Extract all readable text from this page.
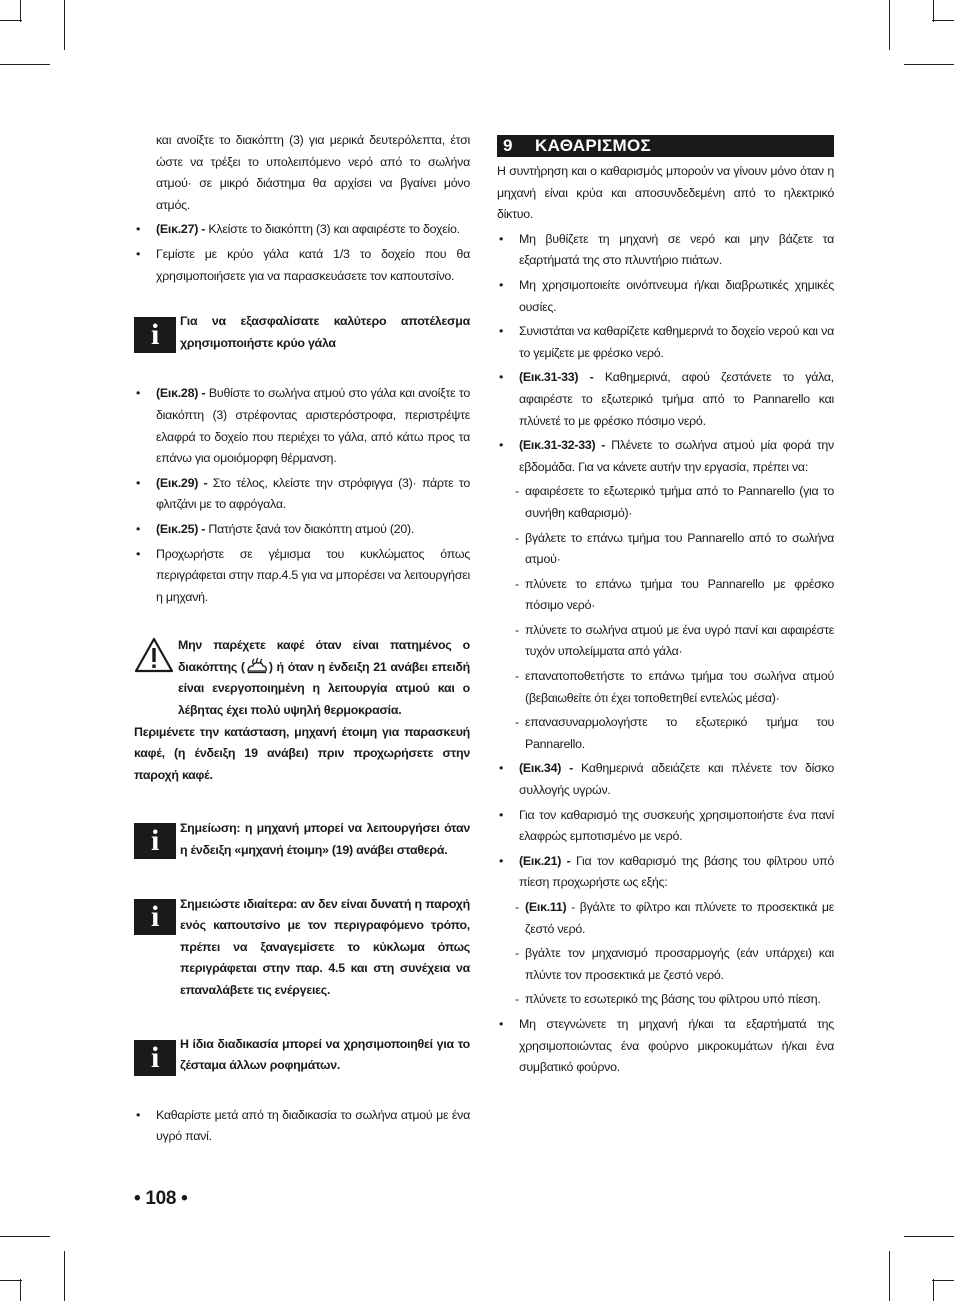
και ανοίξτε το διακόπτη (3) για μερικά δευτερόλεπτα, έτσι ώστε να τρέξει το υπολειπόμενο νερό από το σωλήνα ατμού· σε μικρό διάστημα θα αρχίσει να βγαίνει μόνο ατμός.

• (Εικ.27) - Κλείστε το διακόπτη (3) και αφαιρέστε το δοχείο.
• Γεμίστε με κρύο γάλα κατά 1/3 το δοχείο που θα χρησιμοποιήσετε για να παρασκευάσετε τον καπουτσίνο.
i	Για να εξασφαλίσατε καλύτερο αποτέλεσμα χρησιμοποιήστε κρύο γάλα
• (Εικ.28) - Βυθίστε το σωλήνα ατμού στο γάλα και ανοίξτε το διακόπτη (3) στρέφοντας αριστερόστροφα, περιστρέψτε ελαφρά το δοχείο που περιέχει το γάλα, από κάτω προς τα επάνω για ομοιόμορφη θέρμανση.
• (Εικ.29) - Στο τέλος, κλείστε την στρόφιγγα (3)· πάρτε το φλιτζάνι με το αφρόγαλα.
• (Εικ.25) - Πατήστε ξανά τον διακόπτη ατμού (20).
• Προχωρήστε σε γέμισμα του κυκλώματος όπως περιγράφεται στην παρ.4.5 για να μπορέσει να λειτουργήσει η μηχανή.
Μην παρέχετε καφέ όταν είναι πατημένος ο διακόπτης ( ) ή όταν η ένδειξη 21 ανάβει επειδή είναι ενεργοποιημένη η λειτουργία ατμού και ο λέβητας έχει πολύ υψηλή θερμοκρασία.
Περιμένετε την κατάσταση, μηχανή έτοιμη για παρασκευή καφέ, (η ένδειξη 19 ανάβει) πριν προχωρήσετε στην παροχή καφέ.
i	Σημείωση: η μηχανή μπορεί να λειτουργήσει όταν η ένδειξη «μηχανή έτοιμη» (19) ανάβει σταθερά.
i	Σημειώστε ιδιαίτερα: αν δεν είναι δυνατή η παροχή ενός καπουτσίνο με τον περιγραφόμενο τρόπο, πρέπει να ξαναγεμίσετε το κύκλωμα όπως περιγράφεται στην παρ. 4.5 και στη συνέχεια να επαναλάβετε τις ενέργειες.
i	Η ίδια διαδικασία μπορεί να χρησιμοποιηθεί για το ζέσταμα άλλων ροφημάτων.
• Καθαρίστε μετά από τη διαδικασία το σωλήνα ατμού με ένα υγρό πανί.
9 ΚΑΘΑΡΙΣΜΟΣ

Η συντήρηση και ο καθαρισμός μπορούν να γίνουν μόνο όταν η μηχανή είναι κρύα και αποσυνδεδεμένη από το ηλεκτρικό δίκτυο.

• Μη βυθίζετε τη μηχανή σε νερό και μην βάζετε τα εξαρτήματά της στο πλυντήριο πιάτων.
• Μη χρησιμοποιείτε οινόπνευμα ή/και διαβρωτικές χημικές ουσίες.
• Συνιστάται να καθαρίζετε καθημερινά το δοχείο νερού και να το γεμίζετε με φρέσκο νερό.
• (Εικ.31-33) - Καθημερινά, αφού ζεστάνετε το γάλα, αφαιρέστε το εξωτερικό τμήμα από το Pannarello και πλύνετέ το με φρέσκο πόσιμο νερό.
• (Εικ.31-32-33) - Πλένετε το σωλήνα ατμού μία φορά την εβδομάδα. Για να κάνετε αυτήν την εργασία, πρέπει να:
- αφαιρέσετε το εξωτερικό τμήμα από το Pannarello (για το συνήθη καθαρισμό)·
- βγάλετε το επάνω τμήμα του Pannarello από το σωλήνα ατμού·
- πλύνετε το επάνω τμήμα του Pannarello με φρέσκο πόσιμο νερό·
- πλύνετε το σωλήνα ατμού με ένα υγρό πανί και αφαιρέστε τυχόν υπολείμματα από γάλα·
- επανατοποθετήστε το επάνω τμήμα του σωλήνα ατμού (βεβαιωθείτε ότι έχει τοποθετηθεί εντελώς μέσα)·
- επανασυναρμολογήστε το εξωτερικό τμήμα του Pannarello.
• (Εικ.34) - Καθημερινά αδειάζετε και πλένετε τον δίσκο συλλογής υγρών.
• Για τον καθαρισμό της συσκευής χρησιμοποιήστε ένα πανί ελαφρώς εμποτισμένο με νερό.
• (Εικ.21) - Για τον καθαρισμό της βάσης του φίλτρου υπό πίεση προχωρήστε ως εξής:
- (Εικ.11) - βγάλτε το φίλτρο και πλύνετε το προσεκτικά με ζεστό νερό.
- βγάλτε τον μηχανισμό προσαρμογής (εάν υπάρχει) και πλύντε τον προσεκτικά με ζεστό νερό.
- πλύνετε το εσωτερικό της βάσης του φίλτρου υπό πίεση.
• Μη στεγνώνετε τη μηχανή ή/και τα εξαρτήματά της χρησιμοποιώντας ένα φούρνο μικροκυμάτων ή/και ένα συμβατικό φούρνο.
• 108 •
